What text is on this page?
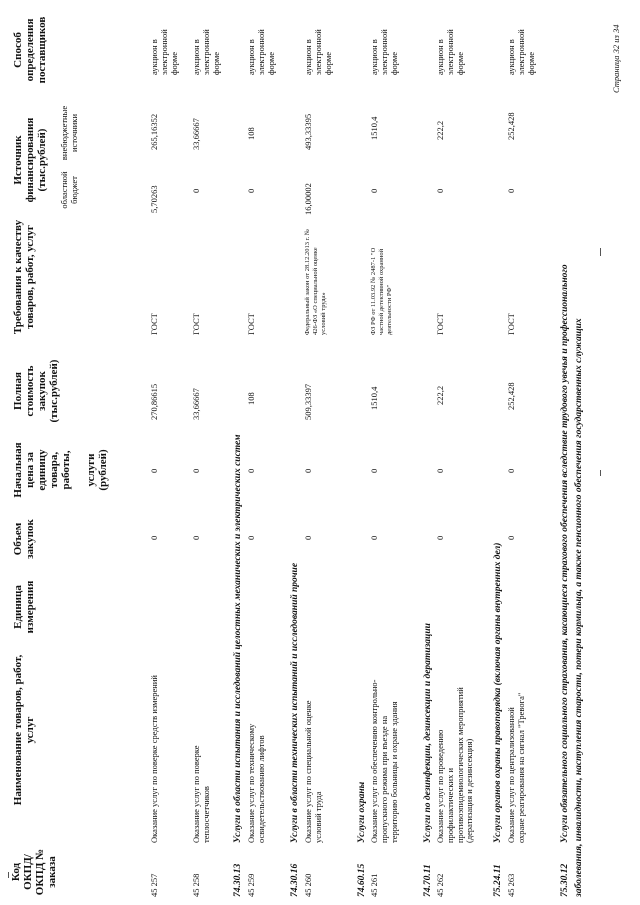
Код ОКПД/ ОКПД № заказа
Наименование товаров, работ, услуг
Единица измерения
Объем закупок
Начальная цена за единицу товара, работы, услуги (рублей)
Полная стоимость закупок (тыс.рублей)
Требования к качеству товаров, работ, услуг
Источник финансирования (тыс.рублей) областной бюджет
внебюджетные источники
Способ определения поставщиков
45 257
Оказание услуг по поверке средств измерений
0
0
270,86615
ГОСТ
5,70263
265,16352
аукцион в электронной форме
45 258
Оказание услуг по поверке теплосчетчиков
0
0
33,66667
ГОСТ
0
33,66667
аукцион в электронной форме
74.30.13
Услуги в области испытания и исследований целостных механических и электрических систем
45 259
Оказание услуг по техническому освидетельствованию лифтов
0
0
108
ГОСТ
0
108
аукцион в электронной форме
74.30.16
Услуги в области технических испытаний и исследований прочие
45 260
Оказание услуг по специальной оценке условий труда
0
0
509,33397
Федеральный закон от 28.12.2013 г. № 426-ФЗ «О специальной оценке условий труда»
16,00002
493,33395
аукцион в электронной форме
74.60.15
Услуги охраны
45 261
Оказание услуг по обеспечению контрольно-пропускного режима при въезде на территорию больницы и охране здания
0
0
1510,4
ФЗ РФ от 11.03.92 № 2487-1 "О частной детективной охранной деятельности РФ"
0
1510,4
аукцион в электронной форме
74.70.11
Услуги по дезинфекции, дезинсекции и дератизации
45 262
Оказание услуг по проведению профилактических и противоэпидемиологических мероприятий (дератизация и дезинсекция)
0
0
222,2
ГОСТ
0
222,2
аукцион в электронной форме
75.24.11
Услуги органов охраны правопорядка (включая органы внутренних дел)
45 263
Оказание услуг по централизованной охране реагирования на сигнал "Тревога"
0
0
252,428
ГОСТ
0
252,428
аукцион в электронной форме
75.30.12
Услуги обязательного социального страхования, касающиеся страхового обеспечения вследствие трудового увечья и профессионального заболевания, инвалидности, наступления старости, потери кормильца, а также пенсионного обеспечения государственных служащих
Страница 32 из 34
